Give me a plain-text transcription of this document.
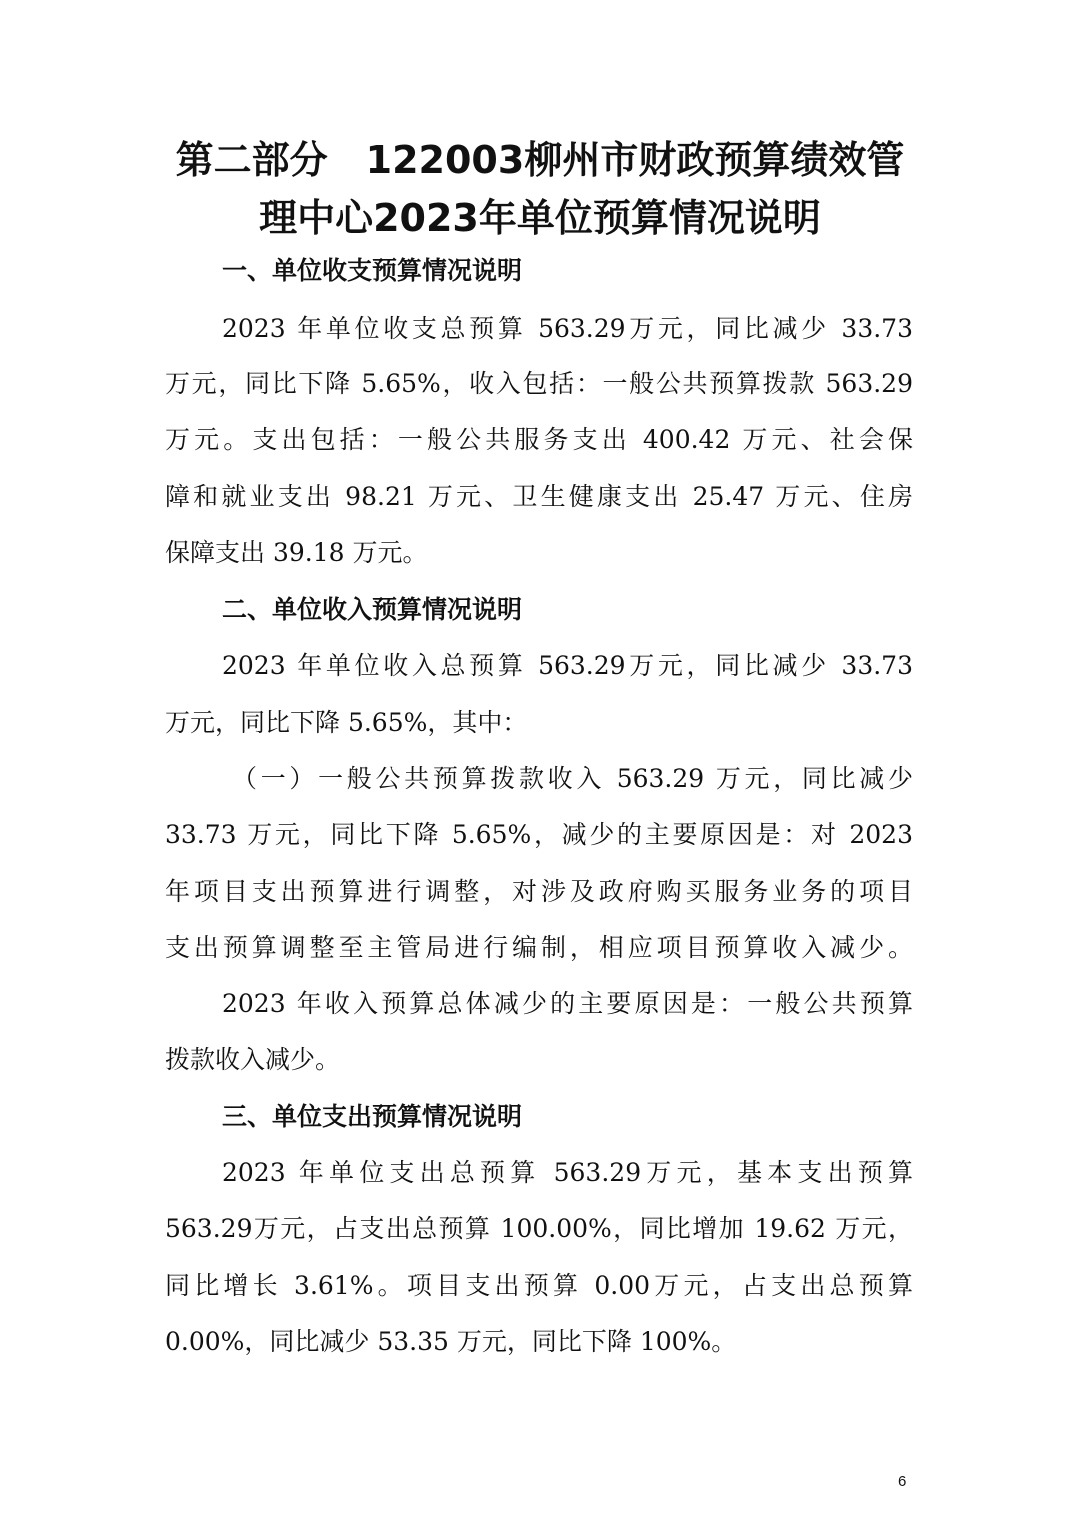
第二部分　122003柳州市财政预算绩效管
理中心2023年单位预算情况说明
一、单位收支预算情况说明
2023 年单位收支总预算 563.29万元，同比减少 33.73
万元，同比下降 5.65%，收入包括：一般公共预算拨款 563.29
万元。支出包括：一般公共服务支出 400.42 万元、社会保
障和就业支出 98.21 万元、卫生健康支出 25.47 万元、住房
保障支出 39.18 万元。
二、单位收入预算情况说明
2023 年单位收入总预算 563.29万元，同比减少 33.73
万元，同比下降 5.65%，其中：
（一）一般公共预算拨款收入 563.29 万元，同比减少
33.73 万元，同比下降 5.65%，减少的主要原因是：对 2023
年项目支出预算进行调整，对涉及政府购买服务业务的项目
支出预算调整至主管局进行编制，相应项目预算收入减少。
2023 年收入预算总体减少的主要原因是：一般公共预算
拨款收入减少。
三、单位支出预算情况说明
2023 年单位支出总预算 563.29万元，基本支出预算
563.29万元，占支出总预算 100.00%，同比增加 19.62 万元，
同比增长 3.61%。项目支出预算 0.00万元，占支出总预算
0.00%，同比减少 53.35 万元，同比下降 100%。
6
